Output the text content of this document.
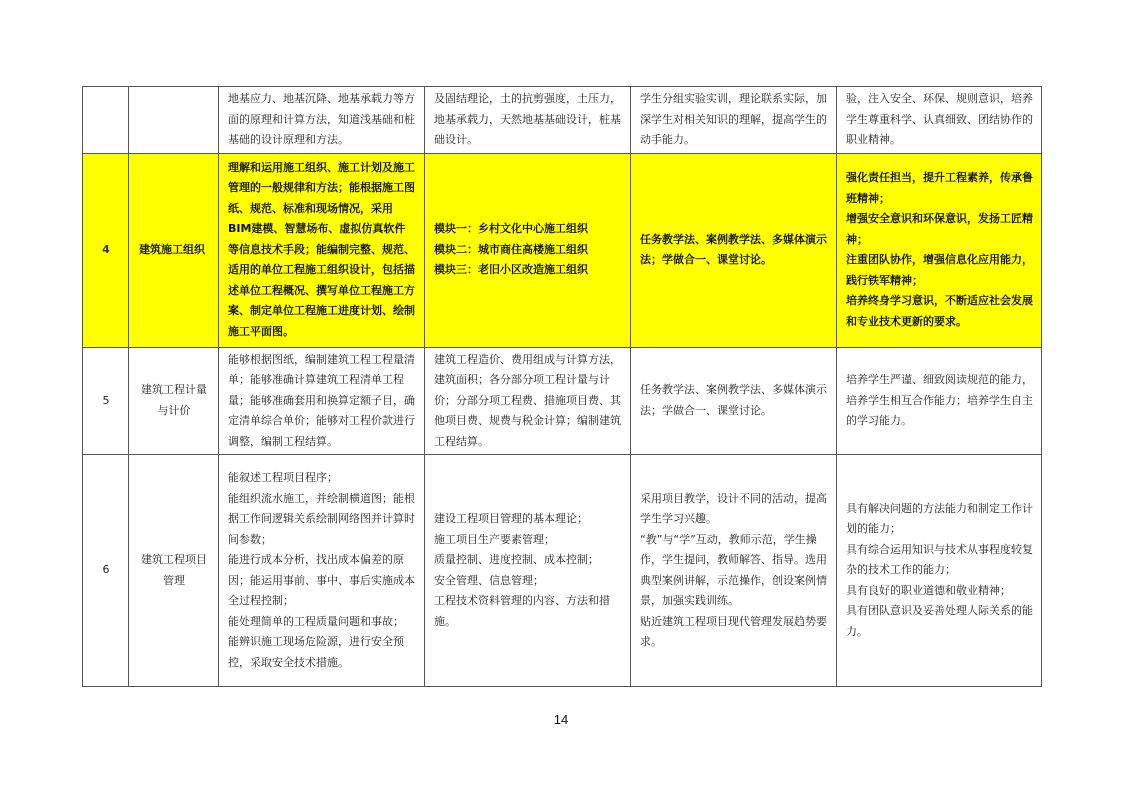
		地基应力、地基沉降、地基承载力等方面的原理和计算方法，知道浅基础和桩基础的设计原理和方法。	及固结理论，土的抗剪强度，土压力，地基承载力，天然地基基础设计，桩基础设计。	学生分组实验实训，理论联系实际，加深学生对相关知识的理解，提高学生的动手能力。	验，注入安全、环保、规则意识，培养学生尊重科学、认真细致、团结协作的职业精神。
4	建筑施工组织	理解和运用施工组织、施工计划及施工管理的一般规律和方法；能根据施工图纸、规范、标准和现场情况，采用BIM建模、智慧场布、虚拟仿真软件等信息技术手段；能编制完整、规范、适用的单位工程施工组织设计，包括描述单位工程概况、撰写单位工程施工方案、制定单位工程施工进度计划、绘制施工平面图。	模块一：乡村文化中心施工组织
模块二：城市商住高楼施工组织
模块三：老旧小区改造施工组织	任务教学法、案例教学法、多媒体演示法；学做合一、课堂讨论。	强化责任担当，提升工程素养，传承鲁班精神；
增强安全意识和环保意识，发扬工匠精神；
注重团队协作，增强信息化应用能力，践行铁军精神；
培养终身学习意识，不断适应社会发展和专业技术更新的要求。

5	建筑工程计量与计价	能够根据图纸，编制建筑工程工程量清单；能够准确计算建筑工程清单工程量；能够准确套用和换算定额子目，确定清单综合单价；能够对工程价款进行调整，编制工程结算。	建筑工程造价、费用组成与计算方法，建筑面积；各分部分项工程计量与计价；分部分项工程费、措施项目费、其他项目费、规费与税金计算；编制建筑工程结算。	任务教学法、案例教学法、多媒体演示法；学做合一、课堂讨论。	培养学生严谨、细致阅读规范的能力，培养学生相互合作能力；培养学生自主的学习能力。
6	建筑工程项目管理	能叙述工程项目程序；
能组织流水施工，并绘制横道图；能根据工作间逻辑关系绘制网络图并计算时间参数；
能进行成本分析，找出成本偏差的原因；能运用事前、事中、事后实施成本全过程控制；
能处理简单的工程质量问题和事故；
能辨识施工现场危险源，进行安全预控，采取安全技术措施。	建设工程项目管理的基本理论；
施工项目生产要素管理；
质量控制、进度控制、成本控制；
安全管理、信息管理；
工程技术资料管理的内容、方法和措施。	采用项目教学，设计不同的活动，提高学生学习兴趣。
“教”与“学”互动，教师示范，学生操作，学生提问，教师解答、指导。选用典型案例讲解，示范操作，创设案例情景，加强实践训练。
贴近建筑工程项目现代管理发展趋势要求。	具有解决问题的方法能力和制定工作计划的能力；
具有综合运用知识与技术从事程度较复杂的技术工作的能力；
具有良好的职业道德和敬业精神；
具有团队意识及妥善处理人际关系的能力。
14
